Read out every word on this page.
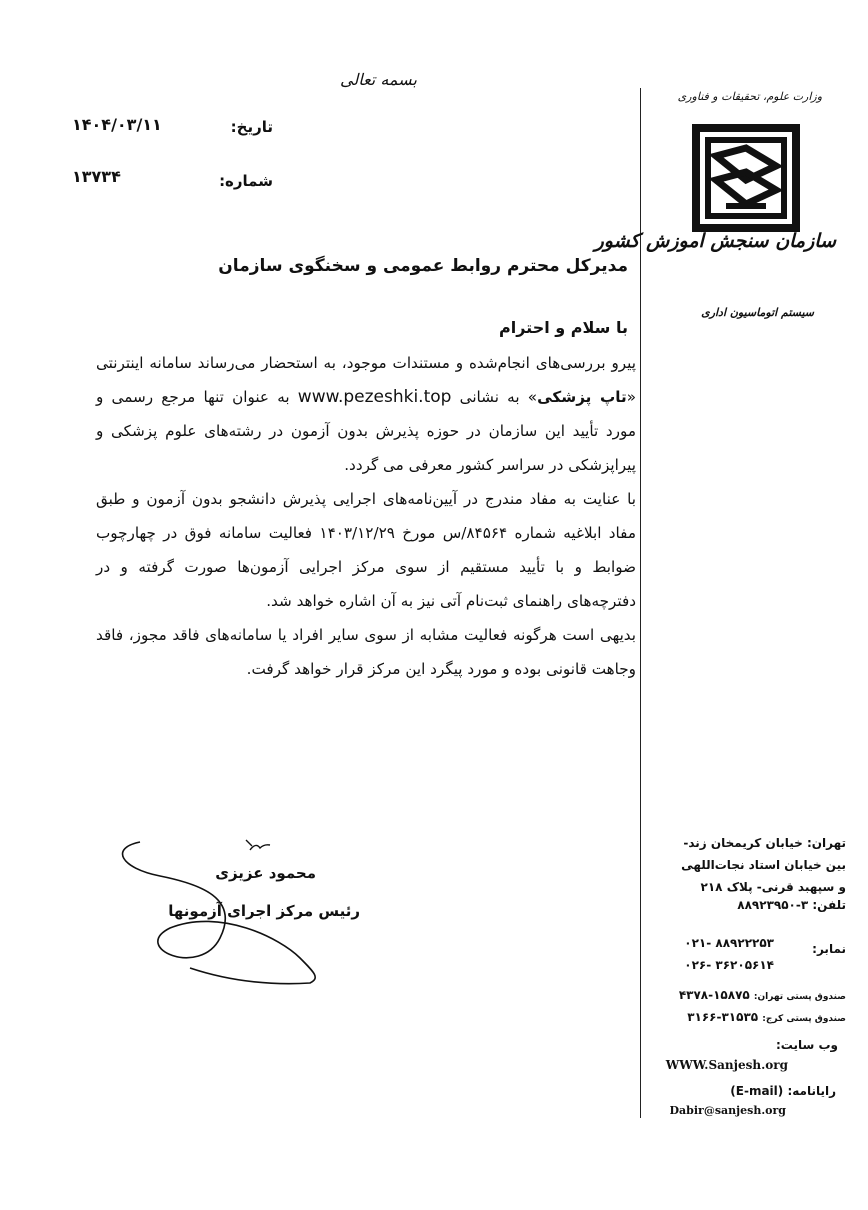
بسمه تعالی
تاریخ:
۱۴۰۴/۰۳/۱۱
شماره:
۱۳۷۳۴
مدیرکل محترم روابط عمومی و سخنگوی سازمان
با سلام و احترام

پیرو بررسی‌های انجام‌شده و مستندات موجود، به استحضار می‌رساند سامانه اینترنتی «تاپ پزشکی» به نشانی www.pezeshki.top به عنوان تنها مرجع رسمی و مورد تأیید این سازمان در حوزه پذیرش بدون آزمون در رشته‌های علوم پزشکی و پیراپزشکی در سراسر کشور معرفی می گردد.

با عنایت به مفاد مندرج در آیین‌نامه‌های اجرایی پذیرش دانشجو بدون آزمون و طبق مفاد ابلاغیه شماره ۸۴۵۶۴/س مورخ ۱۴۰۳/۱۲/۲۹ فعالیت سامانه فوق در چهارچوب ضوابط و با تأیید مستقیم از سوی مرکز اجرایی آزمون‌ها صورت گرفته و در دفترچه‌های راهنمای ثبت‌نام آتی نیز به آن اشاره خواهد شد.

بدیهی است هرگونه فعالیت مشابه از سوی سایر افراد یا سامانه‌های فاقد مجوز، فاقد وجاهت قانونی بوده و مورد پیگرد این مرکز قرار خواهد گرفت.

محمود عزیزی
رئیس مرکز اجرای آزمونها
وزارت علوم، تحقیقات و فناوری
سازمان سنجش آموزش کشور
سیستم اتوماسیون اداری
تهران: خیابان کریمخان زند-
بین خیابان استاد نجات‌اللهی
و سپهبد قرنی- پلاک ۲۱۸
تلفن: ۳-۸۸۹۲۳۹۵۰
نمابر:
۰۲۱- ۸۸۹۲۲۲۵۳
۰۲۶- ۳۶۲۰۵۶۱۴
صندوق پستی تهران: ۱۵۸۷۵-۴۳۷۸
صندوق پستی کرج: ۳۱۵۳۵-۳۱۶۶
وب سایت:
WWW.Sanjesh.org
رایانامه: (E-mail)
Dabir@sanjesh.org
